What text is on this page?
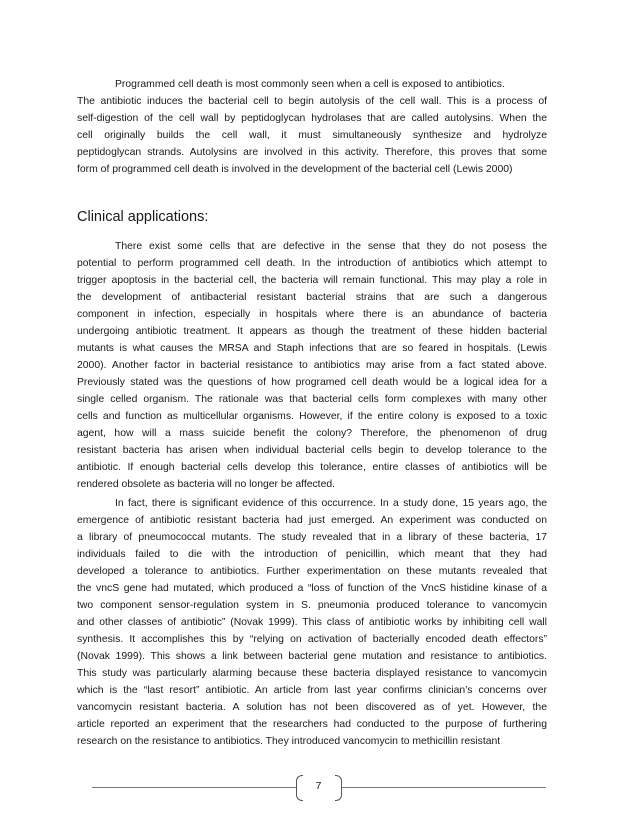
Programmed cell death is most commonly seen when a cell is exposed to antibiotics.
The antibiotic induces the bacterial cell to begin autolysis of the cell wall. This is a process of
self-digestion of the cell wall by peptidoglycan hydrolases that are called autolysins. When the
cell originally builds the cell wall, it must simultaneously synthesize and hydrolyze
peptidoglycan strands. Autolysins are involved in this activity. Therefore, this proves that some
form of programmed cell death is involved in the development of the bacterial cell (Lewis 2000)
Clinical applications:
There exist some cells that are defective in the sense that they do not posess the
potential to perform programmed cell death. In the introduction of antibiotics which attempt to
trigger apoptosis in the bacterial cell, the bacteria will remain functional. This may play a role in
the development of antibacterial resistant bacterial strains that are such a dangerous
component in infection, especially in hospitals where there is an abundance of bacteria
undergoing antibiotic treatment. It appears as though the treatment of these hidden bacterial
mutants is what causes the MRSA and Staph infections that are so feared in hospitals. (Lewis
2000). Another factor in bacterial resistance to antibiotics may arise from a fact stated above.
Previously stated was the questions of how programed cell death would be a logical idea for a
single celled organism. The rationale was that bacterial cells form complexes with many other
cells and function as multicellular organisms. However, if the entire colony is exposed to a toxic
agent, how will a mass suicide benefit the colony? Therefore, the phenomenon of drug
resistant bacteria has arisen when individual bacterial cells begin to develop tolerance to the
antibiotic. If enough bacterial cells develop this tolerance, entire classes of antibiotics will be
rendered obsolete as bacteria will no longer be affected.
In fact, there is significant evidence of this occurrence. In a study done, 15 years ago, the
emergence of antibiotic resistant bacteria had just emerged. An experiment was conducted on
a library of pneumococcal mutants. The study revealed that in a library of these bacteria, 17
individuals failed to die with the introduction of penicillin, which meant that they had
developed a tolerance to antibiotics. Further experimentation on these mutants revealed that
the vncS gene had mutated, which produced a “loss of function of the VncS histidine kinase of a
two component sensor-regulation system in S. pneumonia produced tolerance to vancomycin
and other classes of antibiotic” (Novak 1999). This class of antibiotic works by inhibiting cell wall
synthesis. It accomplishes this by “relying on activation of bacterially encoded death effectors”
(Novak 1999). This shows a link between bacterial gene mutation and resistance to antibiotics.
This study was particularly alarming because these bacteria displayed resistance to vancomycin
which is the “last resort” antibiotic. An article from last year confirms clinician’s concerns over
vancomycin resistant bacteria. A solution has not been discovered as of yet. However, the
article reported an experiment that the researchers had conducted to the purpose of furthering
research on the resistance to antibiotics. They introduced vancomycin to methicillin resistant
7
